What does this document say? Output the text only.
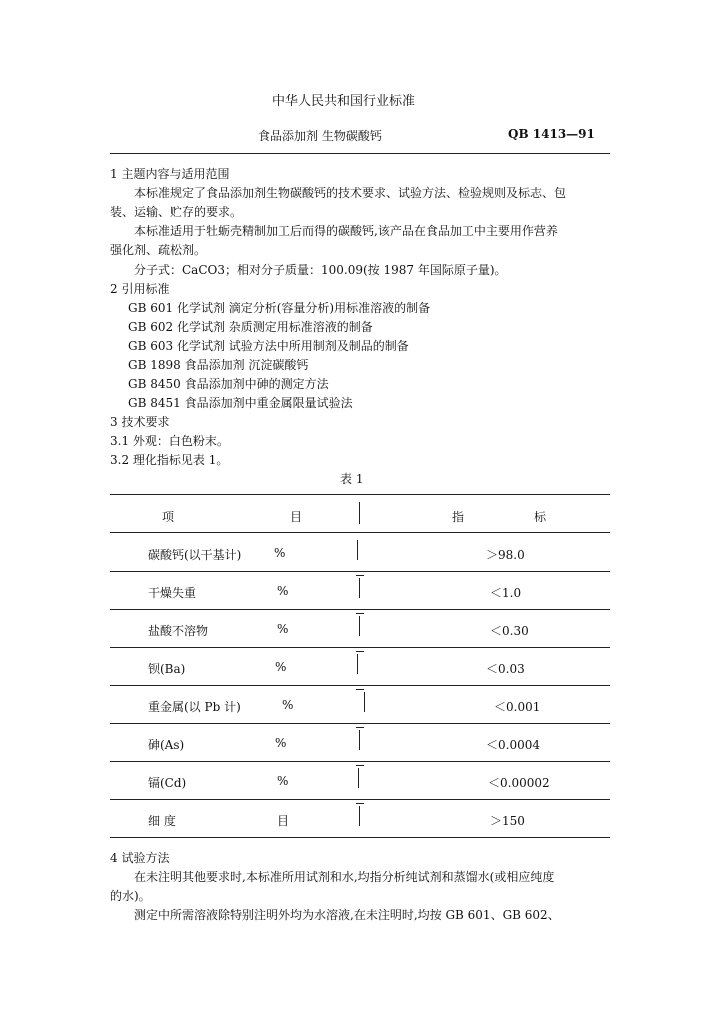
中华人民共和国行业标准
食品添加剂 生物碳酸钙	QB 1413—91
1 主题内容与适用范围
本标准规定了食品添加剂生物碳酸钙的技术要求、试验方法、检验规则及标志、包
装、运输、贮存的要求。
本标准适用于牡蛎壳精制加工后而得的碳酸钙,该产品在食品加工中主要用作营养
强化剂、疏松剂。
分子式：CaCO3；相对分子质量：100.09(按 1987 年国际原子量)。
2 引用标准
GB 601 化学试剂 滴定分析(容量分析)用标准溶液的制备
GB 602 化学试剂 杂质测定用标准溶液的制备
GB 603 化学试剂 试验方法中所用制剂及制品的制备
GB 1898 食品添加剂 沉淀碳酸钙
GB 8450 食品添加剂中砷的测定方法
GB 8451 食品添加剂中重金属限量试验法
3 技术要求
3.1 外观：白色粉末。
3.2 理化指标见表 1。
表 1
项	目	指	标
碳酸钙(以干基计)	%	＞98.0
干燥失重	%	＜1.0
盐酸不溶物	%	＜0.30
钡(Ba)	%	＜0.03
重金属(以 Pb 计)	%	＜0.001
砷(As)	%	＜0.0004
镉(Cd)	%	＜0.00002
细 度	目	＞150
4 试验方法
在未注明其他要求时,本标准所用试剂和水,均指分析纯试剂和蒸馏水(或相应纯度
的水)。
测定中所需溶液除特别注明外均为水溶液,在未注明时,均按 GB 601、GB 602、
